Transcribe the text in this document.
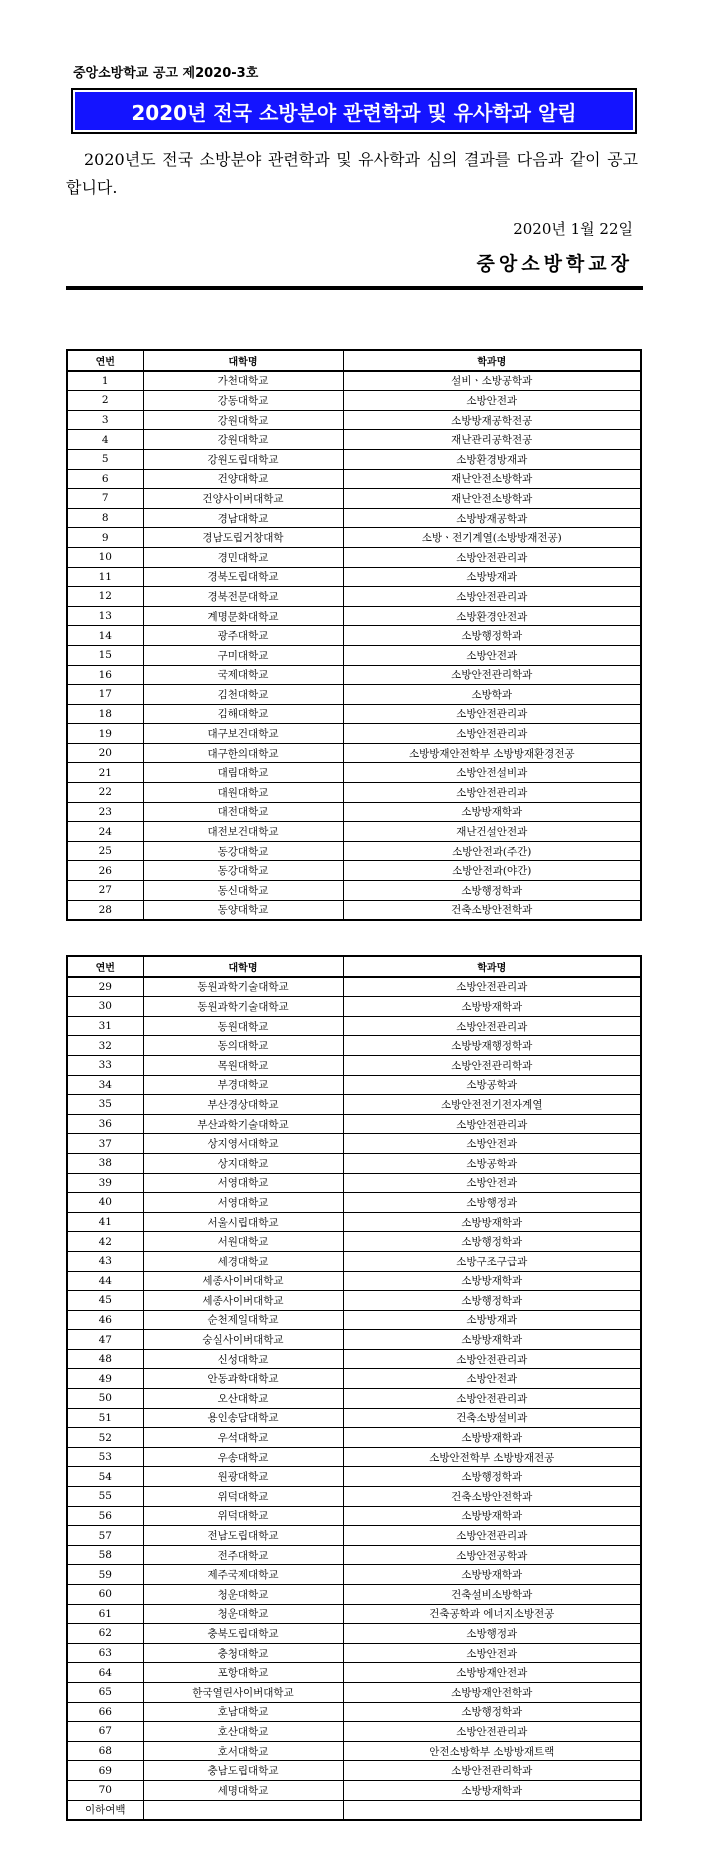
중앙소방학교 공고 제2020-3호
2020년 전국 소방분야 관련학과 및 유사학과 알림
2020년도 전국 소방분야 관련학과 및 유사학과 심의 결과를 다음과 같이 공고합니다.
2020년 1월 22일
중앙소방학교장
연번	대학명	학과명
1	가천대학교	설비ㆍ소방공학과
2	강동대학교	소방안전과
3	강원대학교	소방방재공학전공
4	강원대학교	재난관리공학전공
5	강원도립대학교	소방환경방재과
6	건양대학교	재난안전소방학과
7	건양사이버대학교	재난안전소방학과
8	경남대학교	소방방재공학과
9	경남도립거창대학	소방ㆍ전기계열(소방방재전공)
10	경민대학교	소방안전관리과
11	경북도립대학교	소방방재과
12	경북전문대학교	소방안전관리과
13	계명문화대학교	소방환경안전과
14	광주대학교	소방행정학과
15	구미대학교	소방안전과
16	국제대학교	소방안전관리학과
17	김천대학교	소방학과
18	김해대학교	소방안전관리과
19	대구보건대학교	소방안전관리과
20	대구한의대학교	소방방재안전학부 소방방재환경전공
21	대림대학교	소방안전설비과
22	대원대학교	소방안전관리과
23	대전대학교	소방방재학과
24	대전보건대학교	재난건설안전과
25	동강대학교	소방안전과(주간)
26	동강대학교	소방안전과(야간)
27	동신대학교	소방행정학과
28	동양대학교	건축소방안전학과
연번	대학명	학과명
29	동원과학기술대학교	소방안전관리과
30	동원과학기술대학교	소방방재학과
31	동원대학교	소방안전관리과
32	동의대학교	소방방재행정학과
33	목원대학교	소방안전관리학과
34	부경대학교	소방공학과
35	부산경상대학교	소방안전전기전자계열
36	부산과학기술대학교	소방안전관리과
37	상지영서대학교	소방안전과
38	상지대학교	소방공학과
39	서영대학교	소방안전과
40	서영대학교	소방행정과
41	서울시립대학교	소방방재학과
42	서원대학교	소방행정학과
43	세경대학교	소방구조구급과
44	세종사이버대학교	소방방재학과
45	세종사이버대학교	소방행정학과
46	순천제일대학교	소방방재과
47	숭실사이버대학교	소방방재학과
48	신성대학교	소방안전관리과
49	안동과학대학교	소방안전과
50	오산대학교	소방안전관리과
51	용인송담대학교	건축소방설비과
52	우석대학교	소방방재학과
53	우송대학교	소방안전학부 소방방재전공
54	원광대학교	소방행정학과
55	위덕대학교	건축소방안전학과
56	위덕대학교	소방방재학과
57	전남도립대학교	소방안전관리과
58	전주대학교	소방안전공학과
59	제주국제대학교	소방방재학과
60	청운대학교	건축설비소방학과
61	청운대학교	건축공학과 에너지소방전공
62	충북도립대학교	소방행정과
63	충청대학교	소방안전과
64	포항대학교	소방방재안전과
65	한국열린사이버대학교	소방방재안전학과
66	호남대학교	소방행정학과
67	호산대학교	소방안전관리과
68	호서대학교	안전소방학부 소방방재트랙
69	충남도립대학교	소방안전관리학과
70	세명대학교	소방방재학과
이하여백		
